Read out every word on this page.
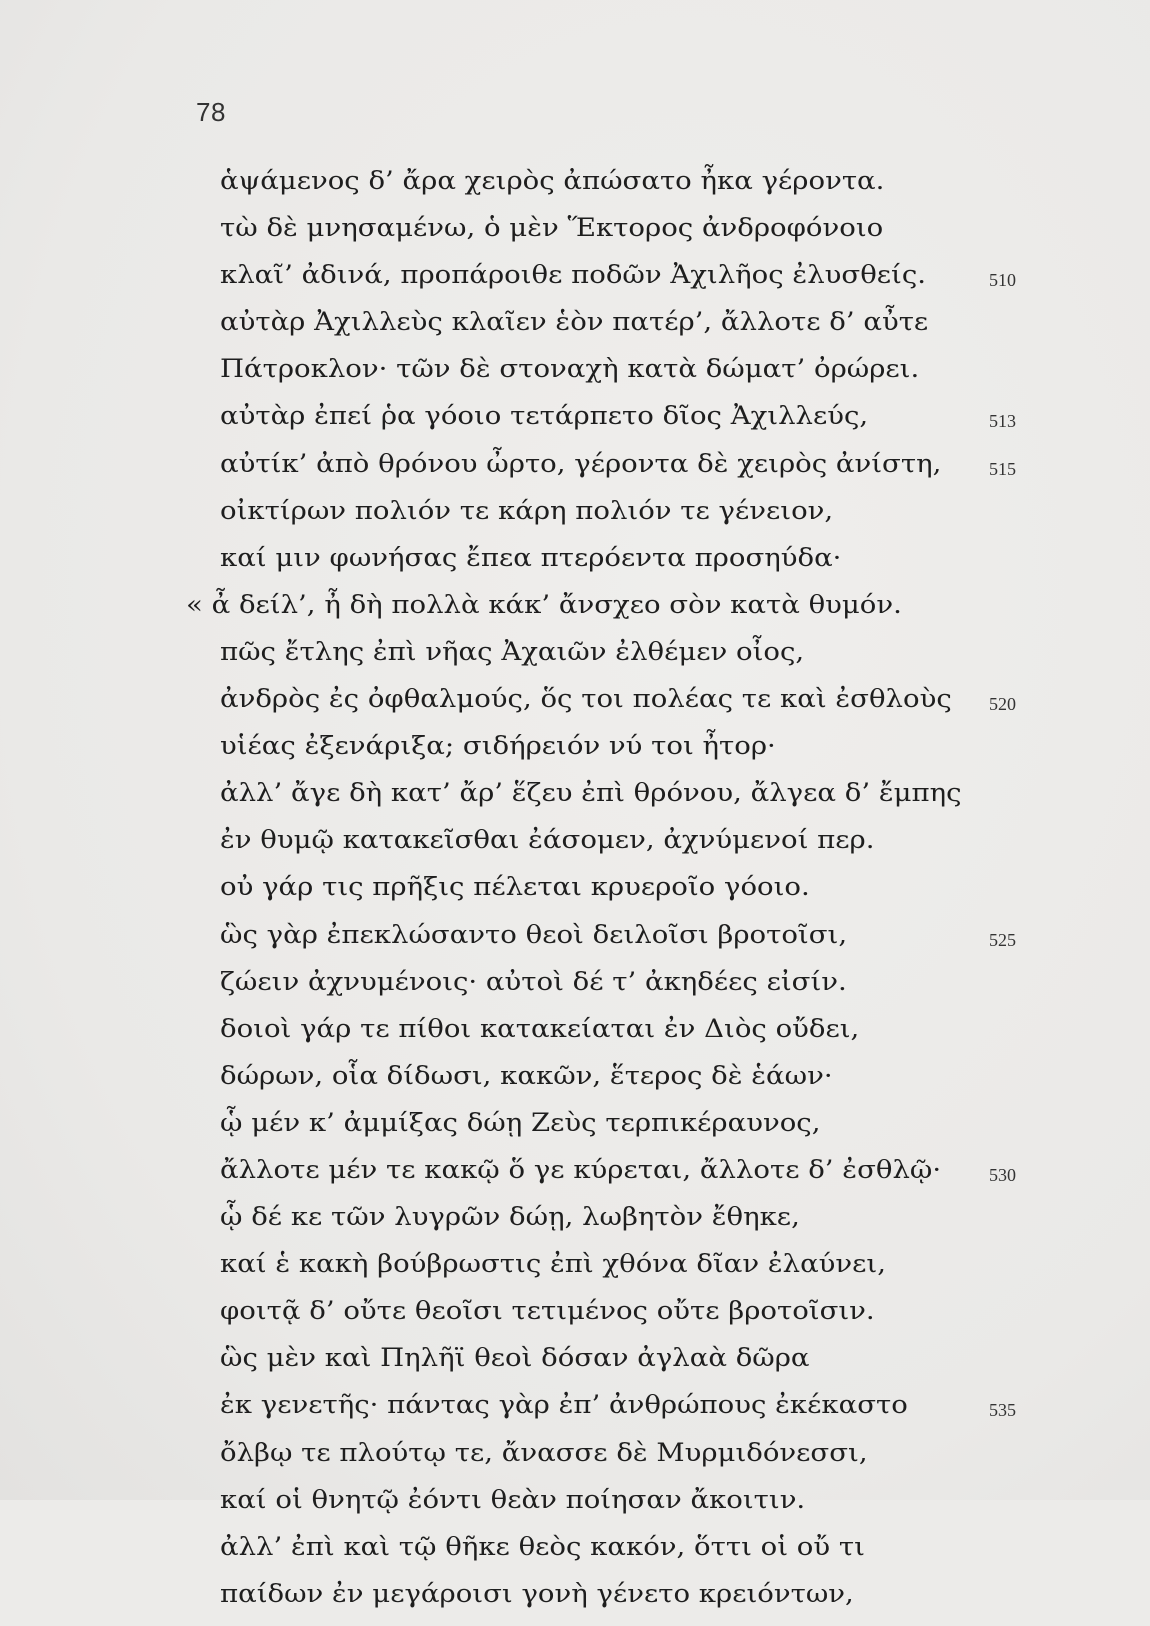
78
ἁψάμενος δ’ ἄρα χειρὸς ἀπώσατο ἦκα γέροντα.
τὼ δὲ μνησαμένω, ὁ μὲν Ἕκτορος ἀνδροφόνοιο
κλαῖ’ ἀδινά, προπάροιθε ποδῶν Ἀχιλῆος ἐλυσθείς.	510
αὐτὰρ Ἀχιλλεὺς κλαῖεν ἑὸν πατέρ’, ἄλλοτε δ’ αὖτε
Πάτροκλον· τῶν δὲ στοναχὴ κατὰ δώματ’ ὀρώρει.
αὐτὰρ ἐπεί ῥα γόοιο τετάρπετο δῖος Ἀχιλλεύς,	513
αὐτίκ’ ἀπὸ θρόνου ὦρτο, γέροντα δὲ χειρὸς ἀνίστη,	515
οἰκτίρων πολιόν τε κάρη πολιόν τε γένειον,
καί μιν φωνήσας ἔπεα πτερόεντα προσηύδα·
« ἆ δείλ’, ἦ δὴ πολλὰ κάκ’ ἄνσχεο σὸν κατὰ θυμόν.
πῶς ἔτλης ἐπὶ νῆας Ἀχαιῶν ἐλθέμεν οἶος,
ἀνδρὸς ἐς ὀφθαλμούς, ὅς τοι πολέας τε καὶ ἐσθλοὺς	520
υἱέας ἐξενάριξα; σιδήρειόν νύ τοι ἦτορ·
ἀλλ’ ἄγε δὴ κατ’ ἄρ’ ἕζευ ἐπὶ θρόνου, ἄλγεα δ’ ἔμπης
ἐν θυμῷ κατακεῖσθαι ἐάσομεν, ἀχνύμενοί περ.
οὐ γάρ τις πρῆξις πέλεται κρυεροῖο γόοιο.
ὣς γὰρ ἐπεκλώσαντο θεοὶ δειλοῖσι βροτοῖσι,	525
ζώειν ἀχνυμένοις· αὐτοὶ δέ τ’ ἀκηδέες εἰσίν.
δοιοὶ γάρ τε πίθοι κατακείαται ἐν Διὸς οὔδει,
δώρων, οἷα δίδωσι, κακῶν, ἕτερος δὲ ἑάων·
ᾧ μέν κ’ ἀμμίξας δώῃ Ζεὺς τερπικέραυνος,
ἄλλοτε μέν τε κακῷ ὅ γε κύρεται, ἄλλοτε δ’ ἐσθλῷ·	530
ᾧ δέ κε τῶν λυγρῶν δώῃ, λωβητὸν ἔθηκε,
καί ἑ κακὴ βούβρωστις ἐπὶ χθόνα δῖαν ἐλαύνει,
φοιτᾷ δ’ οὔτε θεοῖσι τετιμένος οὔτε βροτοῖσιν.
ὣς μὲν καὶ Πηλῆϊ θεοὶ δόσαν ἀγλαὰ δῶρα
ἐκ γενετῆς· πάντας γὰρ ἐπ’ ἀνθρώπους ἐκέκαστο	535
ὄλβῳ τε πλούτῳ τε, ἄνασσε δὲ Μυρμιδόνεσσι,
καί οἱ θνητῷ ἐόντι θεὰν ποίησαν ἄκοιτιν.
ἀλλ’ ἐπὶ καὶ τῷ θῆκε θεὸς κακόν, ὅττι οἱ οὔ τι
παίδων ἐν μεγάροισι γονὴ γένετο κρειόντων,
